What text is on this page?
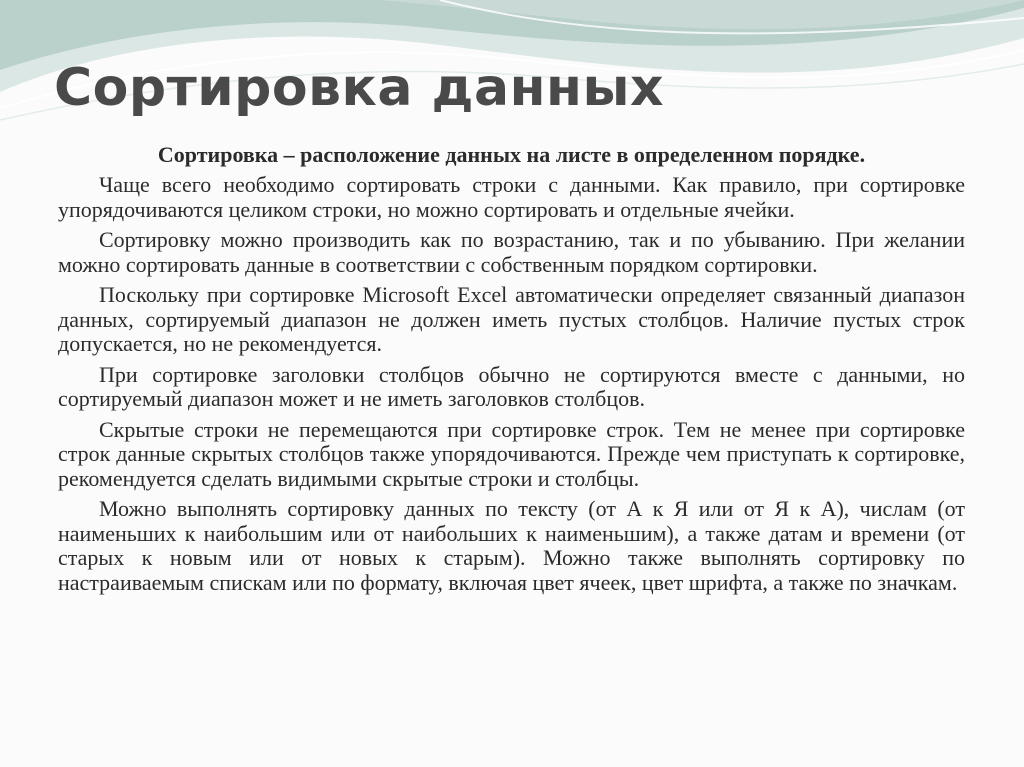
Сортировка данных

Сортировка – расположение данных на листе в определенном порядке.

Чаще всего необходимо сортировать строки с данными. Как правило, при сортировке упорядочиваются целиком строки, но можно сортировать и отдельные ячейки.

Сортировку можно производить как по возрастанию, так и по убыванию. При желании можно сортировать данные в соответствии с собственным порядком сортировки.

Поскольку при сортировке Microsoft Excel автоматически определяет связанный диапазон данных, сортируемый диапазон не должен иметь пустых столбцов. Наличие пустых строк допускается, но не рекомендуется.

При сортировке заголовки столбцов обычно не сортируются вместе с данными, но сортируемый диапазон может и не иметь заголовков столбцов.

Скрытые строки не перемещаются при сортировке строк. Тем не менее при сортировке строк данные скрытых столбцов также упорядочиваются. Прежде чем приступать к сортировке, рекомендуется сделать видимыми скрытые строки и столбцы.

Можно выполнять сортировку данных по тексту (от А к Я или от Я к А), числам (от наименьших к наибольшим или от наибольших к наименьшим), а также датам и времени (от старых к новым или от новых к старым). Можно также выполнять сортировку по настраиваемым спискам или по формату, включая цвет ячеек, цвет шрифта, а также по значкам.
